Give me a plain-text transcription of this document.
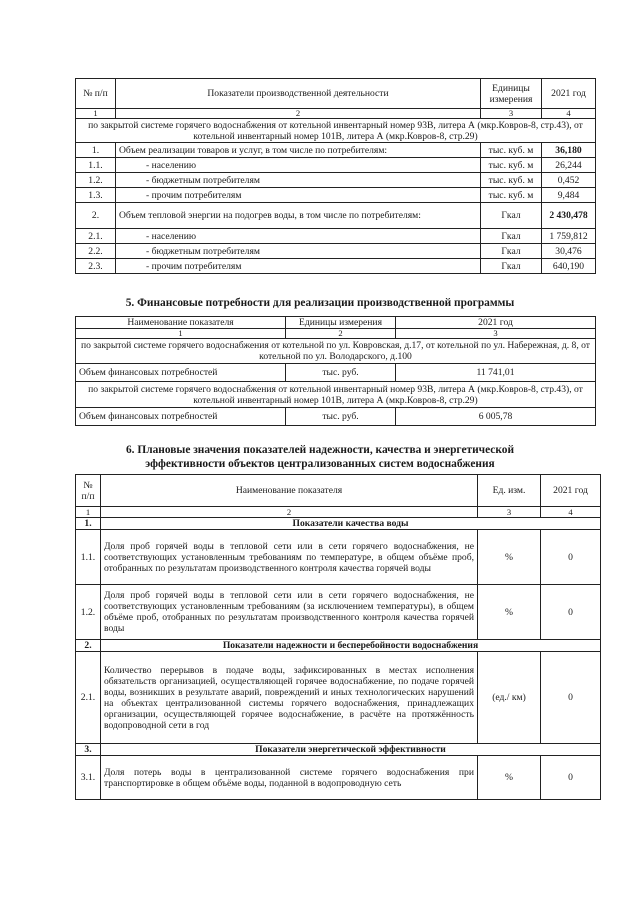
№ п/п	Показатели производственной деятельности	Единицы измерения	2021 год
1	2	3	4
по закрытой системе горячего водоснабжения от котельной инвентарный номер 93В, литера А (мкр.Ковров-8, стр.43), от котельной инвентарный номер 101В, литера А (мкр.Ковров-8, стр.29)			
1.	Объем реализации товаров и услуг, в том числе по потребителям:	тыс. куб. м	36,180
1.1.	- населению	тыс. куб. м	26,244
1.2.	- бюджетным потребителям	тыс. куб. м	0,452
1.3.	- прочим потребителям	тыс. куб. м	9,484
2.	Объем тепловой энергии на подогрев воды, в том числе по потребителям:	Гкал	2 430,478
2.1.	- населению	Гкал	1 759,812
2.2.	- бюджетным потребителям	Гкал	30,476
2.3.	- прочим потребителям	Гкал	640,190
5. Финансовые потребности для реализации производственной программы
Наименование показателя	Единицы измерения	2021 год
1	2	3
по закрытой системе горячего водоснабжения от котельной по ул. Ковровская, д.17, от котельной по ул. Набережная, д. 8, от котельной по ул. Володарского, д.100		
Объем финансовых потребностей	тыс. руб.	11 741,01
по закрытой системе горячего водоснабжения от котельной инвентарный номер 93В, литера А (мкр.Ковров-8, стр.43), от котельной инвентарный номер 101В, литера А (мкр.Ковров-8, стр.29)		
Объем финансовых потребностей	тыс. руб.	6 005,78
6. Плановые значения показателей надежности, качества и энергетической
эффективности объектов централизованных систем водоснабжения
№ п/п	Наименование показателя	Ед. изм.	2021 год
1	2	3	4
1.	Показатели качества воды		
1.1.	Доля проб горячей воды в тепловой сети или в сети горячего водоснабжения, не соответствующих установленным требованиям по температуре, в общем объёме проб, отобранных по результатам производственного контроля качества горячей воды	%	0
1.2.	Доля проб горячей воды в тепловой сети или в сети горячего водоснабжения, не соответствующих установленным требованиям (за исключением температуры), в общем объёме проб, отобранных по результатам производственного контроля качества горячей воды	%	0
2.	Показатели надежности и бесперебойности водоснабжения		
2.1.	Количество перерывов в подаче воды, зафиксированных в местах исполнения обязательств организацией, осуществляющей горячее водоснабжение, по подаче горячей воды, возникших в результате аварий, повреждений и иных технологических нарушений на объектах централизованной системы горячего водоснабжения, принадлежащих организации, осуществляющей горячее водоснабжение, в расчёте на протяжённость водопроводной сети в год	(ед./ км)	0
3.	Показатели энергетической эффективности		
3.1.	Доля потерь воды в централизованной системе горячего водоснабжения при транспортировке в общем объёме воды, поданной в водопроводную сеть	%	0
